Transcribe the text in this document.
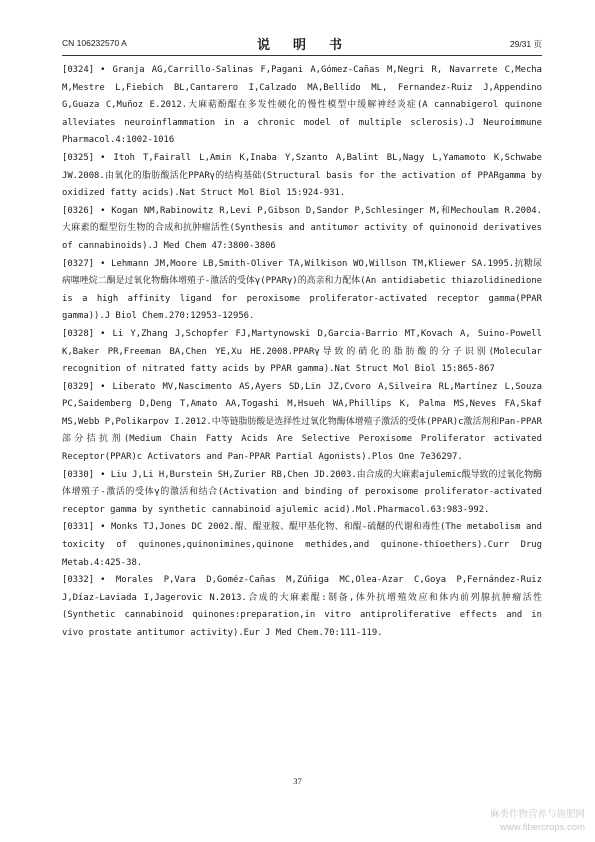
CN 106232570 A	说　明　书	29/31 页

[0324] • Granja AG,Carrillo-Salinas F,Pagani A,Gómez-Cañas M,Negri R, Navarrete C,Mecha M,Mestre L,Fiebich BL,Cantarero I,Calzado MA,Bellido ML, Fernandez-Ruiz J,Appendino G,Guaza C,Muñoz E.2012.大麻萜酚醌在多发性硬化的慢性模型中缓解神经炎症(A cannabigerol quinone alleviates neuroinflammation in a chronic model of multiple sclerosis).J Neuroimmune Pharmacol.4:1002-1016

[0325] • Itoh T,Fairall L,Amin K,Inaba Y,Szanto A,Balint BL,Nagy L,Yamamoto K,Schwabe JW.2008.由氧化的脂肪酸活化PPARγ的结构基础(Structural basis for the activation of PPARgamma by oxidized fatty acids).Nat Struct Mol Biol 15:924-931.

[0326] • Kogan NM,Rabinowitz R,Levi P,Gibson D,Sandor P,Schlesinger M,和Mechoulam R.2004.大麻素的醌型衍生物的合成和抗肿瘤活性(Synthesis and antitumor activity of quinonoid derivatives of cannabinoids).J Med Chem 47:3800-3806

[0327] • Lehmann JM,Moore LB,Smith-Oliver TA,Wilkison WO,Willson TM,Kliewer SA.1995.抗糖尿病噻唑烷二酮是过氧化物酶体增殖子-激活的受体γ(PPARγ)的高亲和力配体(An antidiabetic thiazolidinedione is a high affinity ligand for peroxisome proliferator-activated receptor gamma(PPAR gamma)).J Biol Chem.270:12953-12956.

[0328] • Li Y,Zhang J,Schopfer FJ,Martynowski D,Garcia-Barrio MT,Kovach A, Suino-Powell K,Baker PR,Freeman BA,Chen YE,Xu HE.2008.PPARγ导致的硝化的脂肪酸的分子识别(Molecular recognition of nitrated fatty acids by PPAR gamma).Nat Struct Mol Biol 15:865-867

[0329] • Liberato MV,Nascimento AS,Ayers SD,Lin JZ,Cvoro A,Silveira RL,Martínez L,Souza PC,Saidemberg D,Deng T,Amato AA,Togashi M,Hsueh WA,Phillips K, Palma MS,Neves FA,Skaf MS,Webb P,Polikarpov I.2012.中等链脂肪酸是选择性过氧化物酶体增殖子激活的受体(PPAR)c激活剂和Pan-PPAR部分拮抗剂(Medium Chain Fatty Acids Are Selective Peroxisome Proliferator activated Receptor(PPAR)c Activators and Pan-PPAR Partial Agonists).Plos One 7e36297.

[0330] • Liu J,Li H,Burstein SH,Zurier RB,Chen JD.2003.由合成的大麻素ajulemic酸导致的过氧化物酶体增殖子-激活的受体γ的激活和结合(Activation and binding of peroxisome proliferator-activated receptor gamma by synthetic cannabinoid ajulemic acid).Mol.Pharmacol.63:983-992.

[0331] • Monks TJ,Jones DC 2002.醌、醌亚胺、醌甲基化物、和醌-硫醚的代谢和毒性(The metabolism and toxicity of quinones,quinonimines,quinone methides,and quinone-thioethers).Curr Drug Metab.4:425-38.

[0332] • Morales P,Vara D,Goméz-Cañas M,Zúñiga MC,Olea-Azar C,Goya P,Fernández-Ruiz J,Díaz-Laviada I,Jagerovic N.2013.合成的大麻素醌:制备,体外抗增殖效应和体内前列腺抗肿瘤活性(Synthetic cannabinoid quinones:preparation,in vitro antiproliferative effects and in vivo prostate antitumor activity).Eur J Med Chem.70:111-119.

37
麻类作物营养与施肥网
www.fibercrops.com
